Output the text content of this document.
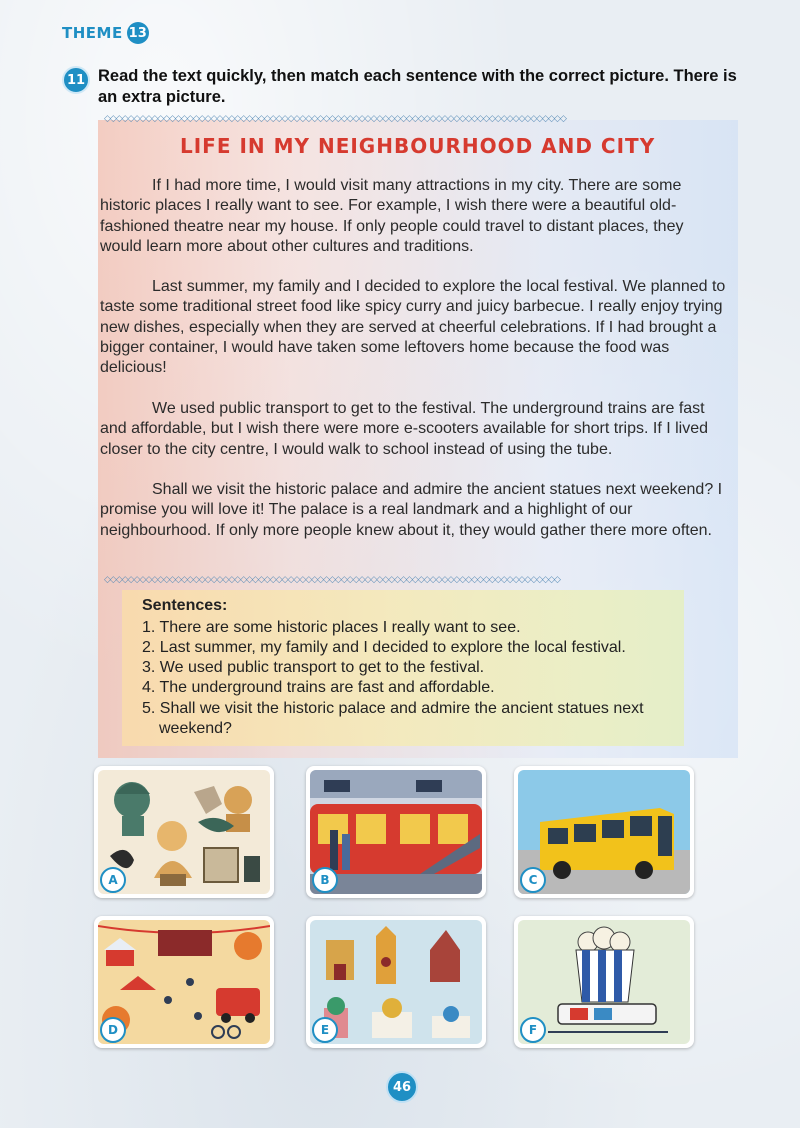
THEME 13
11 Read the text quickly, then match each sentence with the correct picture. There is an extra picture.
◇◇◇◇◇◇◇◇◇◇◇◇◇◇◇◇◇◇◇◇◇◇◇◇◇◇◇◇◇◇◇◇◇◇◇◇◇◇◇◇◇◇◇◇◇◇◇◇◇◇◇◇◇◇◇◇◇◇◇◇◇◇◇◇◇◇◇◇◇◇◇◇◇◇◇◇◇◇
LIFE IN MY NEIGHBOURHOOD AND CITY

If I had more time, I would visit many attractions in my city. There are some historic places I really want to see. For example, I wish there were a beautiful old-fashioned theatre near my house. If only people could travel to distant places, they would learn more about other cultures and traditions.

Last summer, my family and I decided to explore the local festival. We planned to taste some traditional street food like spicy curry and juicy barbecue. I really enjoy trying new dishes, especially when they are served at cheerful celebrations. If I had brought a bigger container, I would have taken some leftovers home because the food was delicious!

We used public transport to get to the festival. The underground trains are fast and affordable, but I wish there were more e-scooters available for short trips. If I lived closer to the city centre, I would walk to school instead of using the tube.

Shall we visit the historic palace and admire the ancient statues next weekend? I promise you will love it! The palace is a real landmark and a highlight of our neighbourhood. If only more people knew about it, they would gather there more often.

◇◇◇◇◇◇◇◇◇◇◇◇◇◇◇◇◇◇◇◇◇◇◇◇◇◇◇◇◇◇◇◇◇◇◇◇◇◇◇◇◇◇◇◇◇◇◇◇◇◇◇◇◇◇◇◇◇◇◇◇◇◇◇◇◇◇◇◇◇◇◇◇◇◇◇◇◇
Sentences:
1. There are some historic places I really want to see.
2. Last summer, my family and I decided to explore the local festival.
3. We used public transport to get to the festival.
4. The underground trains are fast and affordable.
5. Shall we visit the historic palace and admire the ancient statues next
weekend?
A	B	C
D	E	F
46
